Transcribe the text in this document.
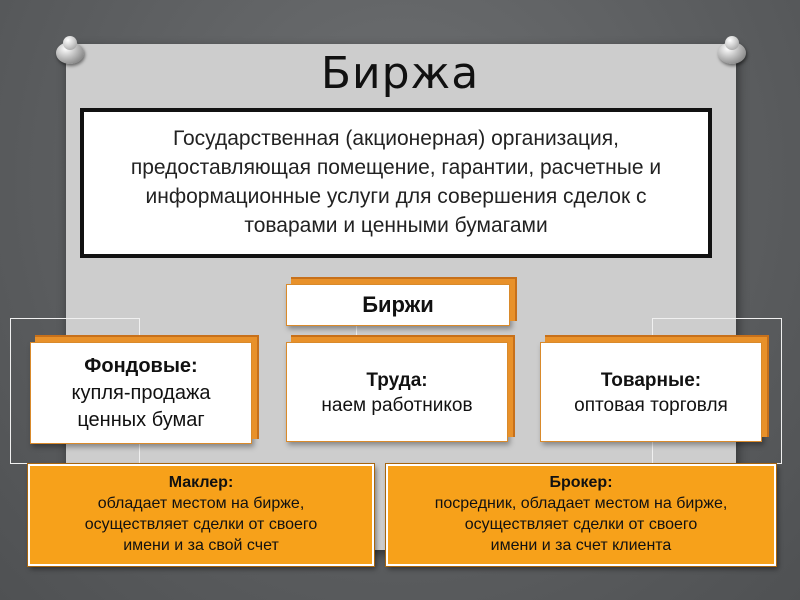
Биржа
Государственная (акционерная) организация,
предоставляющая помещение, гарантии, расчетные и
информационные услуги для совершения сделок с
товарами и ценными бумагами
Биржи
Фондовые:
купля-продажа
ценных бумаг
Труда:
наем работников
Товарные:
оптовая торговля
Маклер:
обладает местом на бирже,
осуществляет сделки от своего
имени и за свой счет
Брокер:
посредник, обладает местом на бирже,
осуществляет сделки от своего
имени и за счет клиента
